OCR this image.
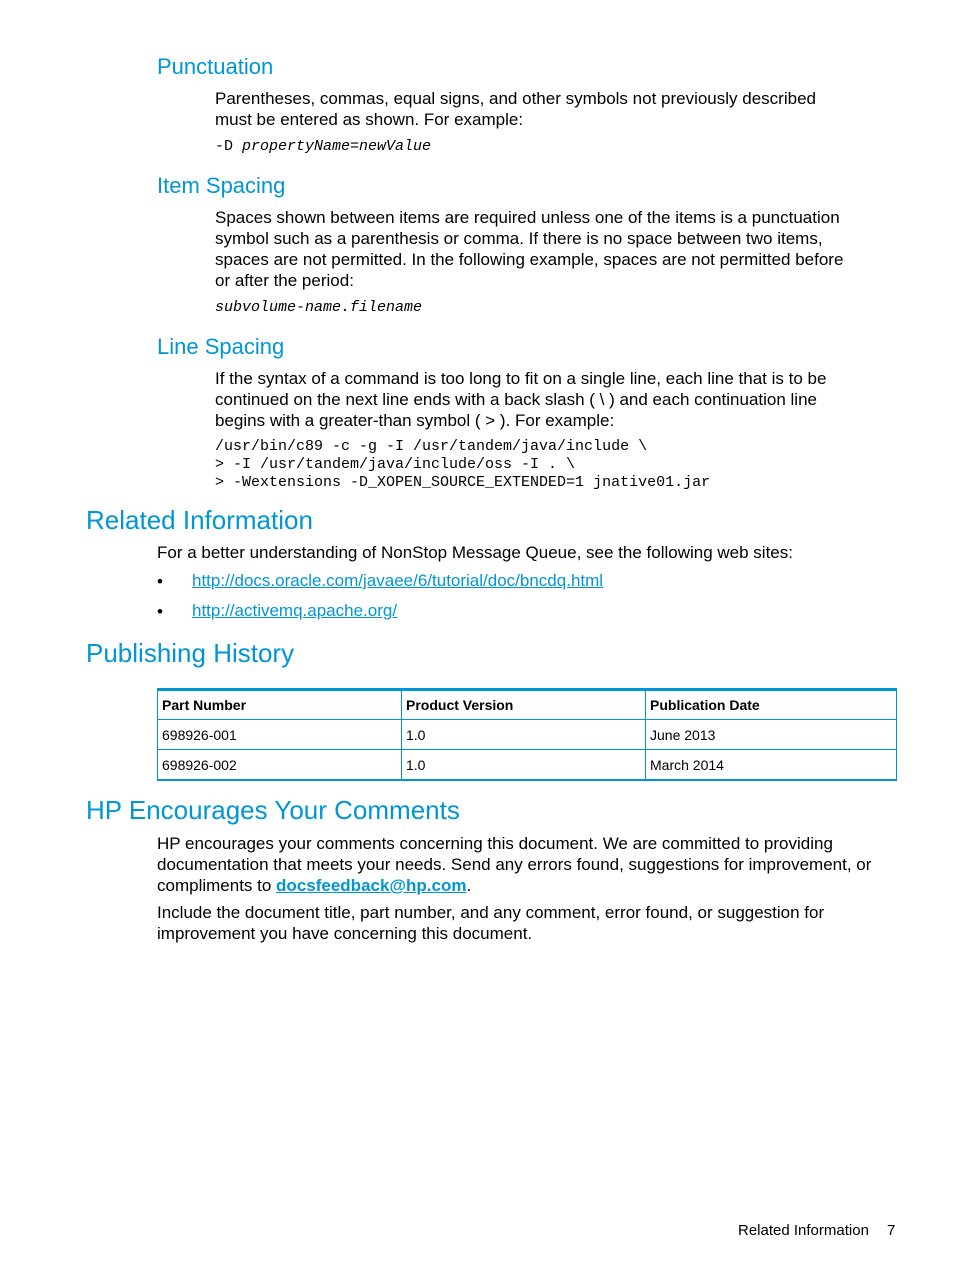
Punctuation

Parentheses, commas, equal signs, and other symbols not previously described must be entered as shown. For example:

-D propertyName=newValue
Item Spacing

Spaces shown between items are required unless one of the items is a punctuation symbol such as a parenthesis or comma. If there is no space between two items, spaces are not permitted. In the following example, spaces are not permitted before or after the period:

subvolume-name.filename
Line Spacing

If the syntax of a command is too long to fit on a single line, each line that is to be continued on the next line ends with a back slash ( \ ) and each continuation line begins with a greater-than symbol ( > ). For example:

/usr/bin/c89 -c -g -I /usr/tandem/java/include \
> -I /usr/tandem/java/include/oss -I . \
> -Wextensions -D_XOPEN_SOURCE_EXTENDED=1 jnative01.jar
Related Information

For a better understanding of NonStop Message Queue, see the following web sites:

• http://docs.oracle.com/javaee/6/tutorial/doc/bncdq.html
• http://activemq.apache.org/
Publishing History
Part Number	Product Version	Publication Date
698926-001	1.0	June 2013
698926-002	1.0	March 2014
HP Encourages Your Comments

HP encourages your comments concerning this document. We are committed to providing documentation that meets your needs. Send any errors found, suggestions for improvement, or compliments to docsfeedback@hp.com.

Include the document title, part number, and any comment, error found, or suggestion for improvement you have concerning this document.

Related Information 7
